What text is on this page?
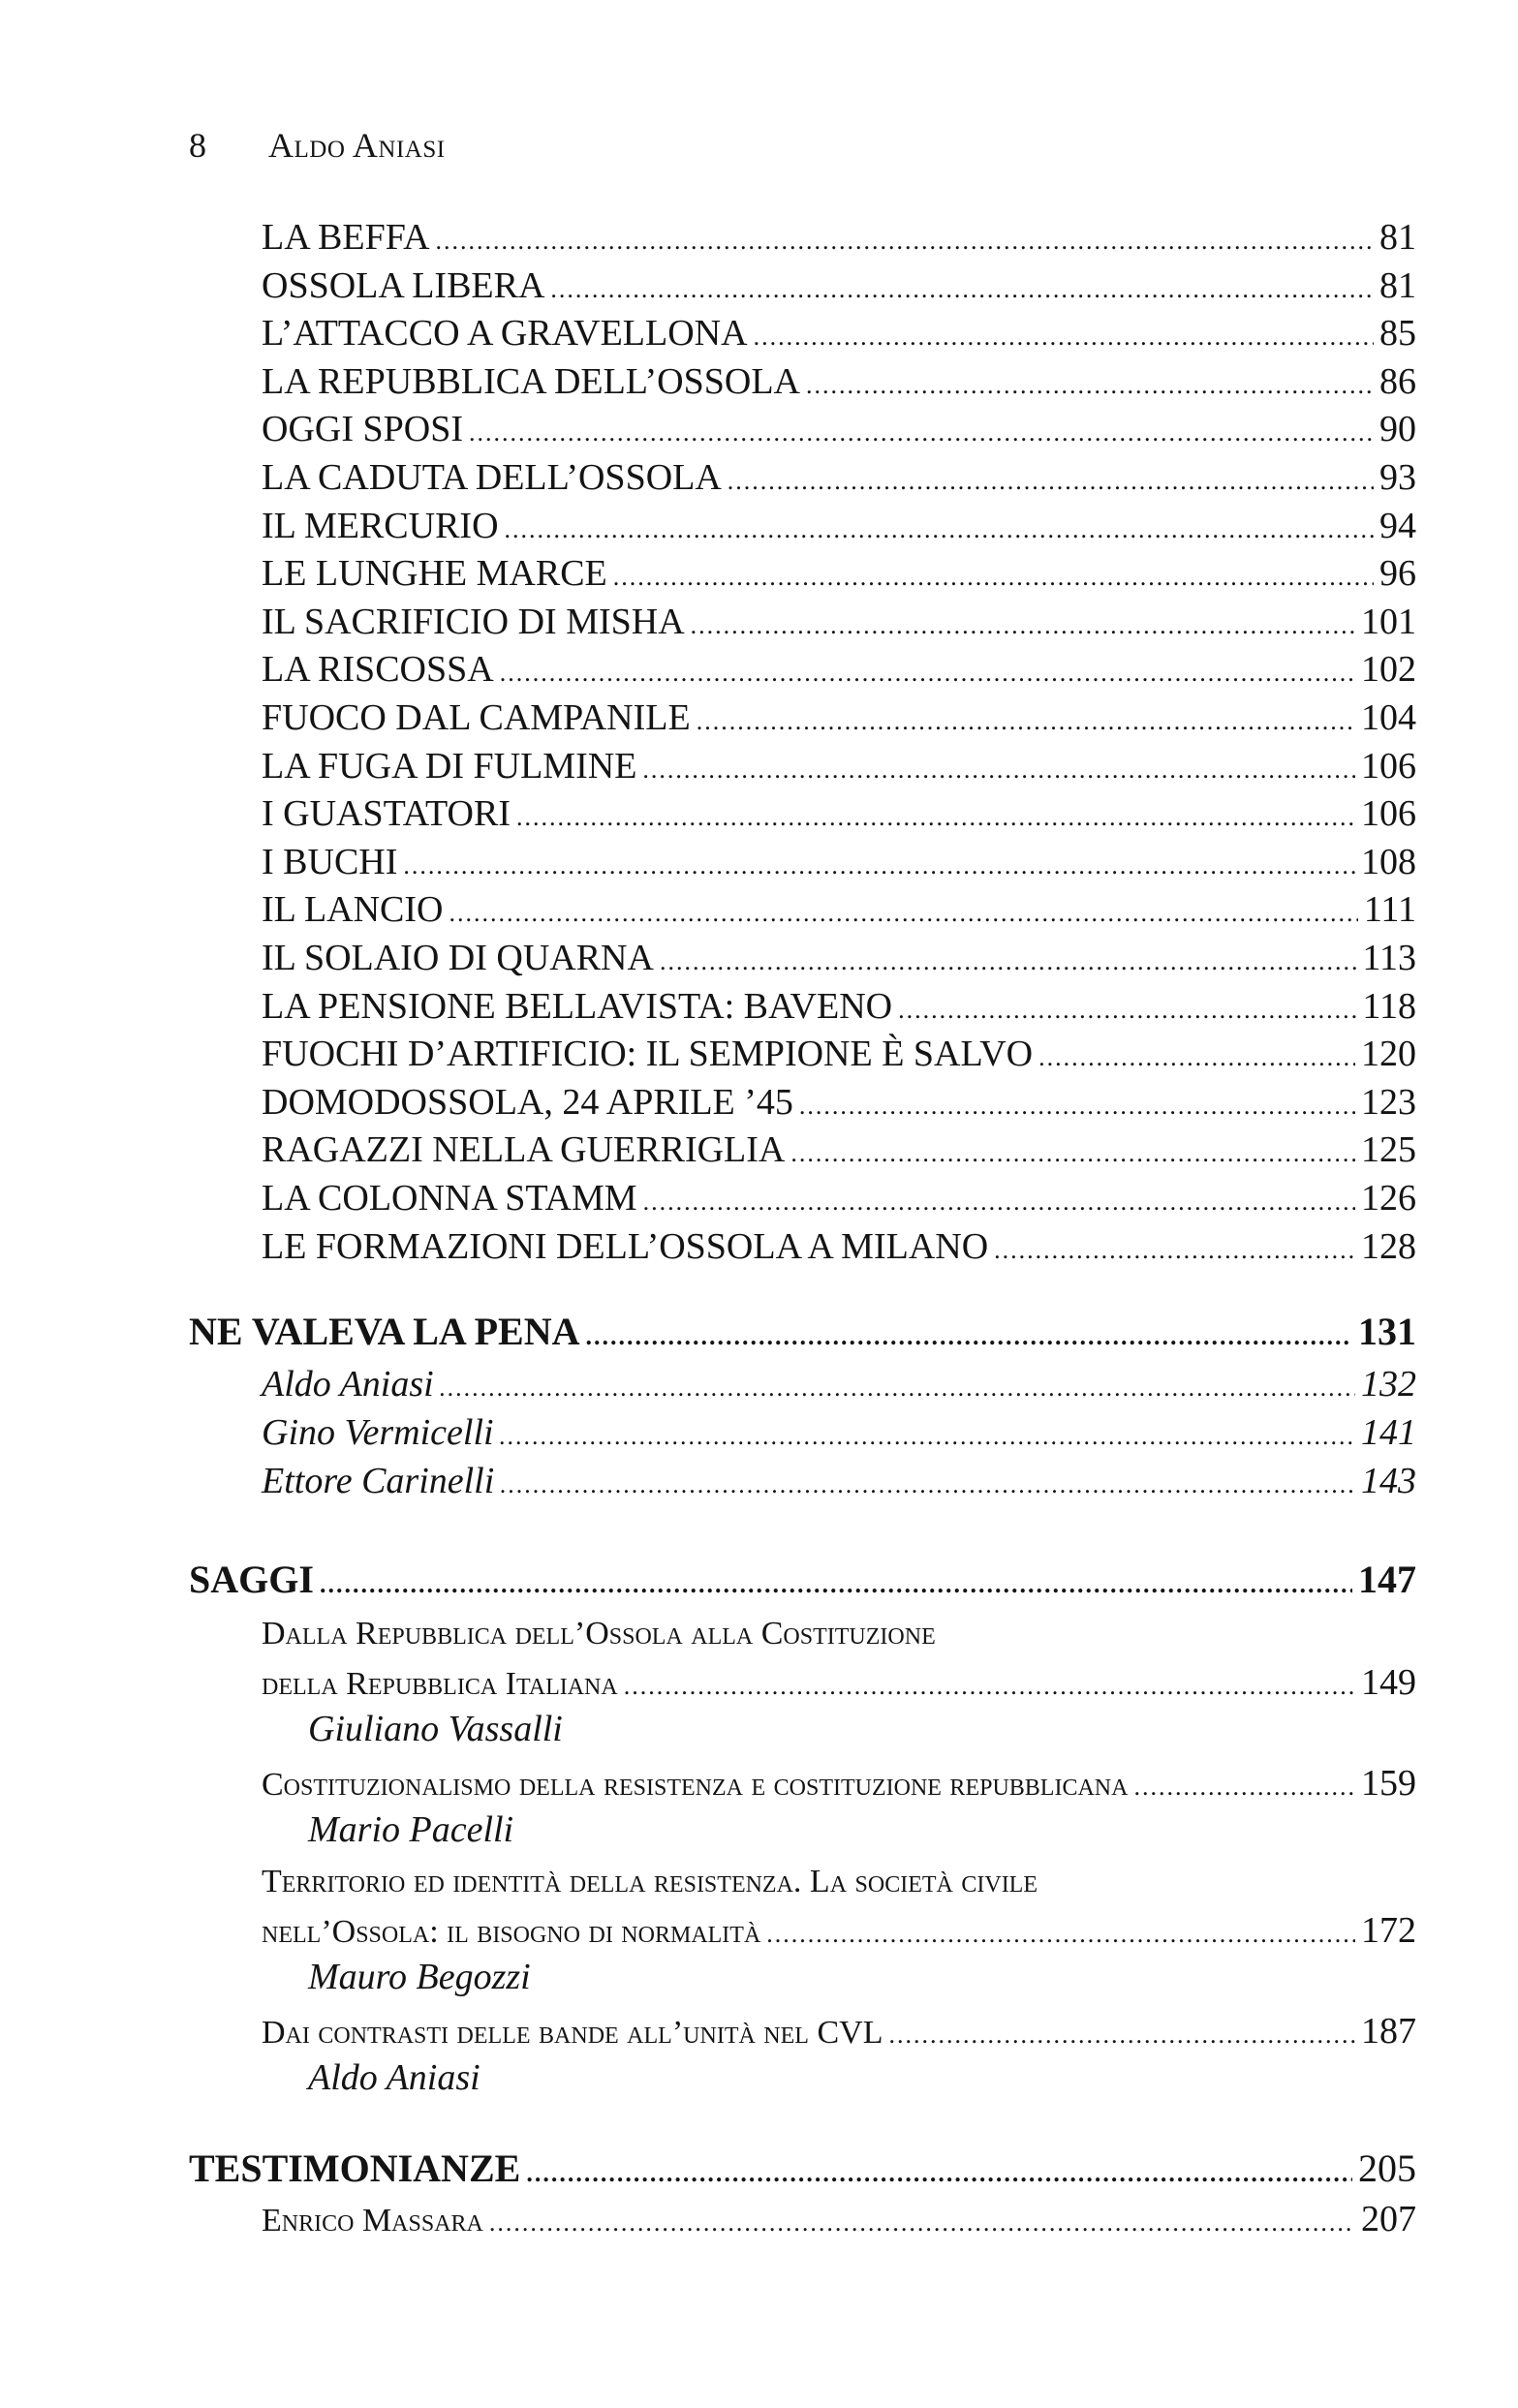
8 Aldo Aniasi
LA BEFFA .....	81
OSSOLA LIBERA .....	81
L’ATTACCO A GRAVELLONA .....	85
LA REPUBBLICA DELL’OSSOLA .....	86
OGGI SPOSI .....	90
LA CADUTA DELL’OSSOLA .....	93
IL MERCURIO .....	94
LE LUNGHE MARCE .....	96
IL SACRIFICIO DI MISHA .....	101
LA RISCOSSA .....	102
FUOCO DAL CAMPANILE .....	104
LA FUGA DI FULMINE .....	106
I GUASTATORI .....	106
I BUCHI .....	108
IL LANCIO .....	111
IL SOLAIO DI QUARNA .....	113
LA PENSIONE BELLAVISTA: BAVENO .....	118
FUOCHI D’ARTIFICIO: IL SEMPIONE È SALVO .....	120
DOMODOSSOLA, 24 APRILE ’45 .....	123
RAGAZZI NELLA GUERRIGLIA .....	125
LA COLONNA STAMM .....	126
LE FORMAZIONI DELL’OSSOLA A MILANO .....	128
NE VALEVA LA PENA .....	131
Aldo Aniasi .....	132
Gino Vermicelli .....	141
Ettore Carinelli .....	143
SAGGI .....	147
Dalla Repubblica dell’Ossola alla Costituzione
della Repubblica Italiana .....	149
Giuliano Vassalli
Costituzionalismo della resistenza e costituzione repubblicana .....	159
Mario Pacelli
Territorio ed identità della resistenza. La società civile
nell’Ossola: il bisogno di normalità .....	172
Mauro Begozzi
Dai contrasti delle bande all’unità nel CVL .....	187
Aldo Aniasi
TESTIMONIANZE .....	205
Enrico Massara .....	207
